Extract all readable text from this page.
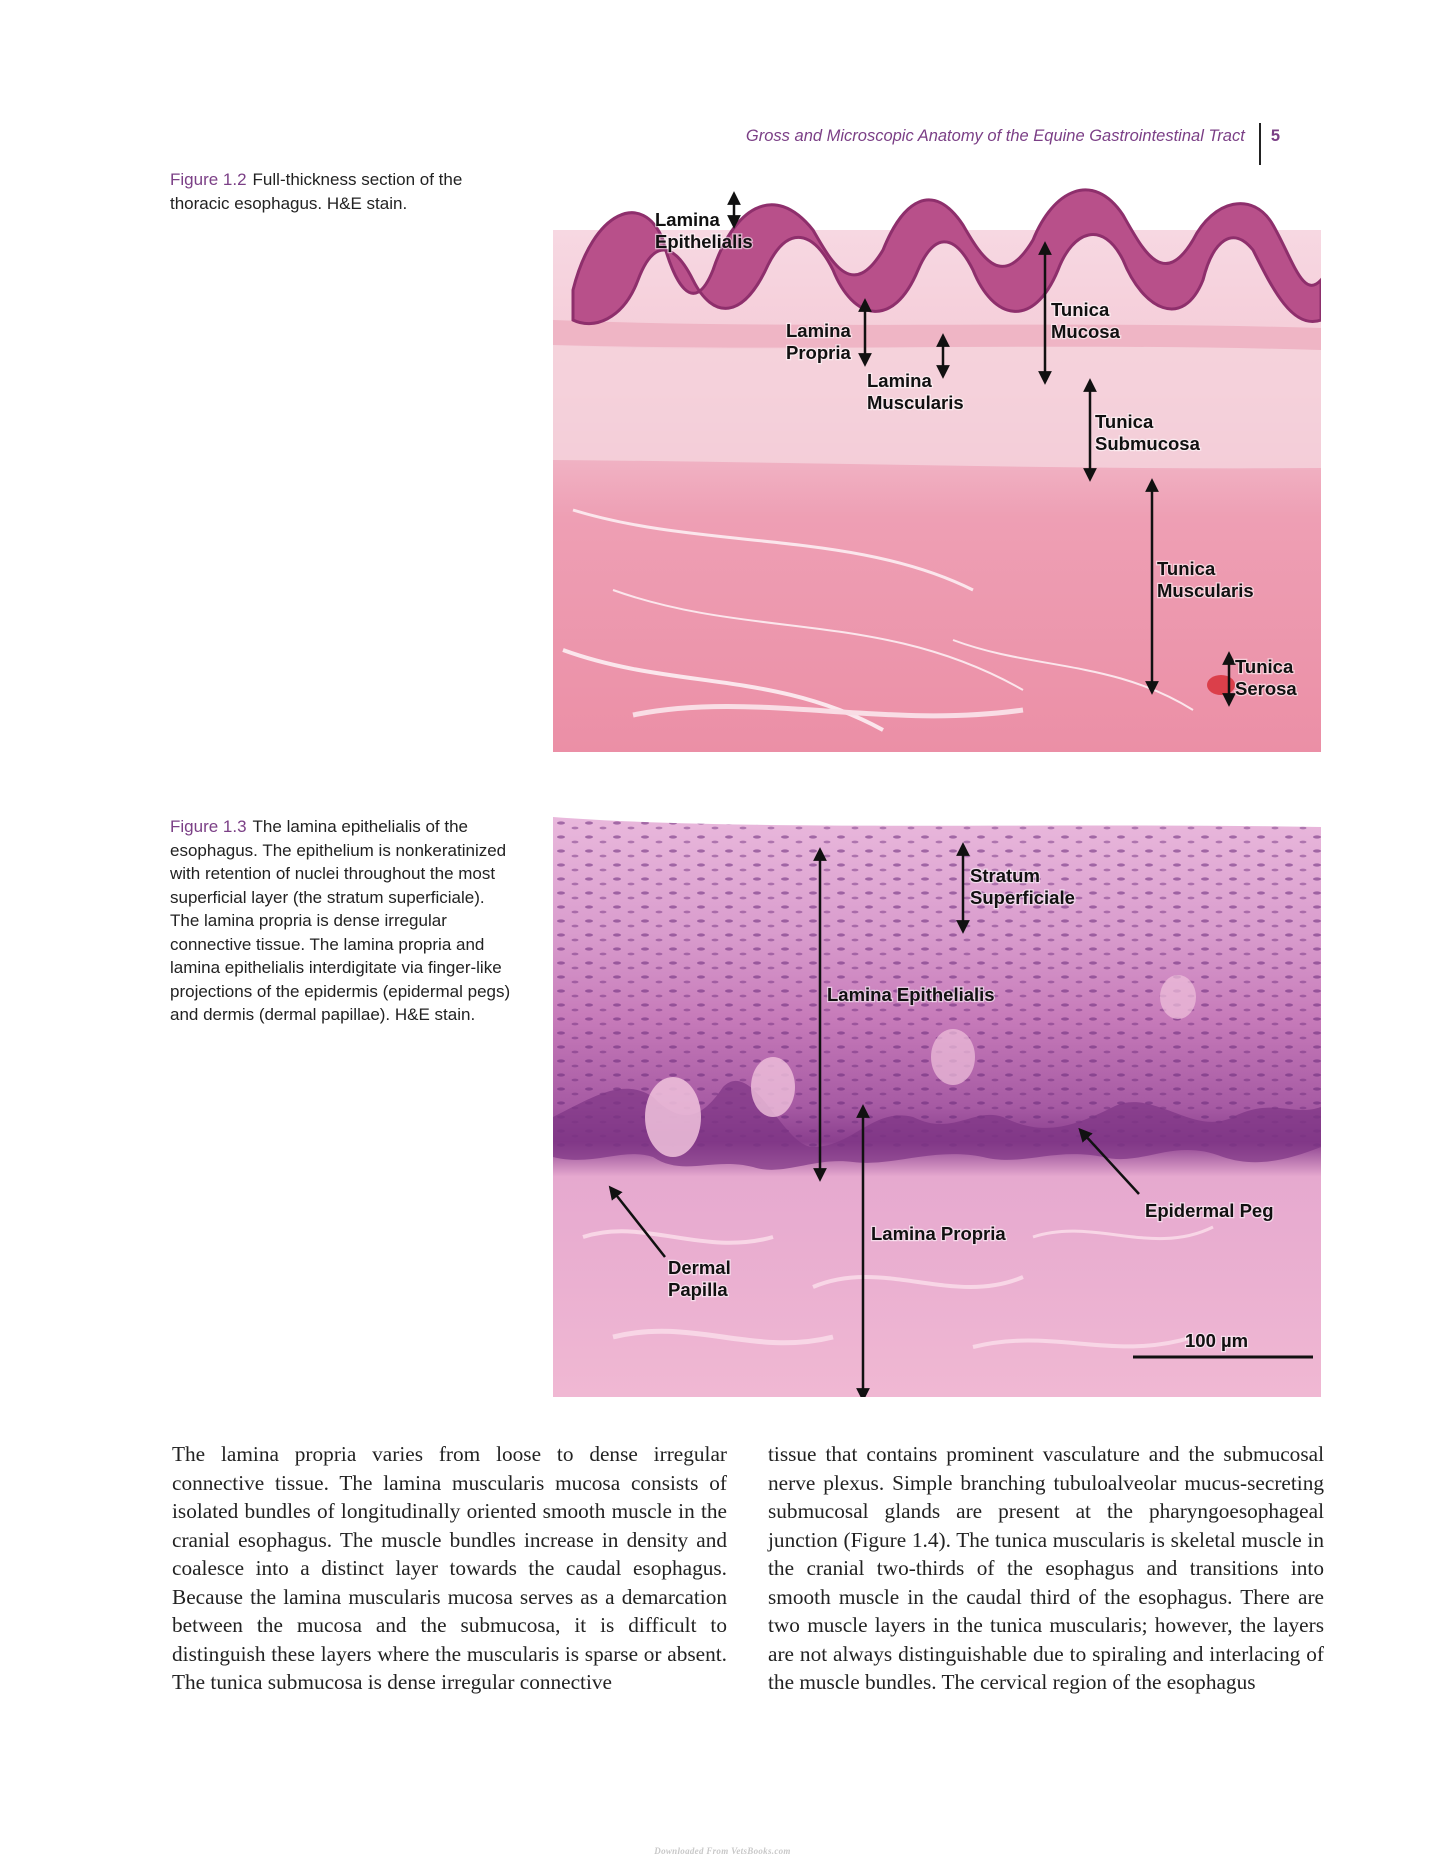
Gross and Microscopic Anatomy of the Equine Gastrointestinal Tract 5
Figure 1.2 Full-thickness section of the thoracic esophagus. H&E stain.
Lamina Epithelialis
Lamina Propria
Lamina Muscularis
Tunica Mucosa
Tunica Submucosa
Tunica Muscularis
Tunica Serosa
Figure 1.3 The lamina epithelialis of the esophagus. The epithelium is nonkeratinized with retention of nuclei throughout the most superficial layer (the stratum superficiale). The lamina propria is dense irregular connective tissue. The lamina propria and lamina epithelialis interdigitate via finger-like projections of the epidermis (epidermal pegs) and dermis (dermal papillae). H&E stain.
Stratum Superficiale
Lamina Epithelialis
Epidermal Peg
Lamina Propria
Dermal Papilla
100 µm
The lamina propria varies from loose to dense irregular connective tissue. The lamina muscularis mucosa consists of isolated bundles of longitudinally oriented smooth muscle in the cranial esophagus. The muscle bundles increase in density and coalesce into a distinct layer towards the caudal esophagus. Because the lamina muscularis mucosa serves as a demarcation between the mucosa and the submucosa, it is difficult to distinguish these layers where the muscularis is sparse or absent. The tunica submucosa is dense irregular connective
tissue that contains prominent vasculature and the submucosal nerve plexus. Simple branching tubuloalveolar mucus-secreting submucosal glands are present at the pharyngoesophageal junction (Figure 1.4). The tunica muscularis is skeletal muscle in the cranial two-thirds of the esophagus and transitions into smooth muscle in the caudal third of the esophagus. There are two muscle layers in the tunica muscularis; however, the layers are not always distinguishable due to spiraling and interlacing of the muscle bundles. The cervical region of the esophagus
Downloaded From VetsBooks.com
